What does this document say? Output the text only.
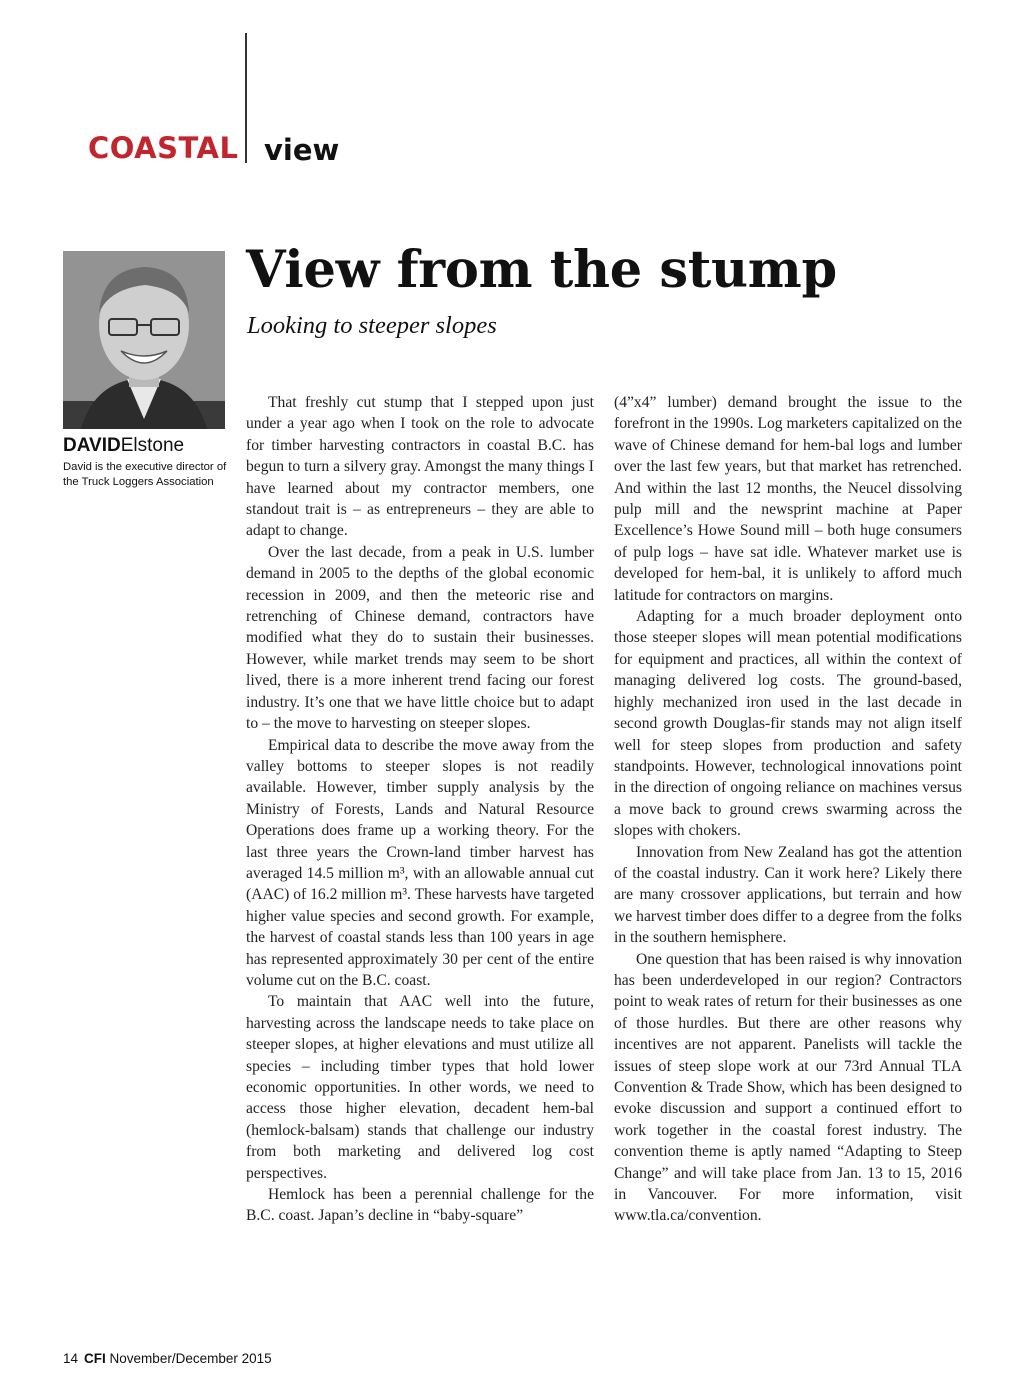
COASTAL view
DAVIDElstone
David is the executive director of the Truck Loggers Association
View from the stump
Looking to steeper slopes

That freshly cut stump that I stepped upon just under a year ago when I took on the role to advocate for timber harvesting contractors in coastal B.C. has begun to turn a silvery gray. Amongst the many things I have learned about my contractor members, one standout trait is – as entrepreneurs – they are able to adapt to change.

Over the last decade, from a peak in U.S. lumber demand in 2005 to the depths of the global economic recession in 2009, and then the meteoric rise and retrenching of Chinese demand, contractors have modified what they do to sustain their businesses. However, while market trends may seem to be short lived, there is a more inherent trend facing our forest industry. It’s one that we have little choice but to adapt to – the move to harvesting on steeper slopes.

Empirical data to describe the move away from the valley bottoms to steeper slopes is not readily available. However, timber supply analysis by the Ministry of Forests, Lands and Natural Resource Operations does frame up a working theory. For the last three years the Crown-land timber harvest has averaged 14.5 million m³, with an allowable annual cut (AAC) of 16.2 million m³. These harvests have targeted higher value species and second growth. For example, the harvest of coastal stands less than 100 years in age has represented approximately 30 per cent of the entire volume cut on the B.C. coast.

To maintain that AAC well into the future, harvesting across the landscape needs to take place on steeper slopes, at higher elevations and must utilize all species – including timber types that hold lower economic opportunities. In other words, we need to access those higher elevation, decadent hem-bal (hemlock-balsam) stands that challenge our industry from both marketing and delivered log cost perspectives.

Hemlock has been a perennial challenge for the B.C. coast. Japan’s decline in “baby-square”

(4”x4” lumber) demand brought the issue to the forefront in the 1990s. Log marketers capitalized on the wave of Chinese demand for hem-bal logs and lumber over the last few years, but that market has retrenched. And within the last 12 months, the Neucel dissolving pulp mill and the newsprint machine at Paper Excellence’s Howe Sound mill – both huge consumers of pulp logs – have sat idle. Whatever market use is developed for hem-bal, it is unlikely to afford much latitude for contractors on margins.

Adapting for a much broader deployment onto those steeper slopes will mean potential modifications for equipment and practices, all within the context of managing delivered log costs. The ground-based, highly mechanized iron used in the last decade in second growth Douglas-fir stands may not align itself well for steep slopes from production and safety standpoints. However, technological innovations point in the direction of ongoing reliance on machines versus a move back to ground crews swarming across the slopes with chokers.

Innovation from New Zealand has got the attention of the coastal industry. Can it work here? Likely there are many crossover applications, but terrain and how we harvest timber does differ to a degree from the folks in the southern hemisphere.

One question that has been raised is why innovation has been underdeveloped in our region? Contractors point to weak rates of return for their businesses as one of those hurdles. But there are other reasons why incentives are not apparent. Panelists will tackle the issues of steep slope work at our 73rd Annual TLA Convention & Trade Show, which has been designed to evoke discussion and support a continued effort to work together in the coastal forest industry. The convention theme is aptly named “Adapting to Steep Change” and will take place from Jan. 13 to 15, 2016 in Vancouver. For more information, visit www.tla.ca/convention.

14 CFI November/December 2015
